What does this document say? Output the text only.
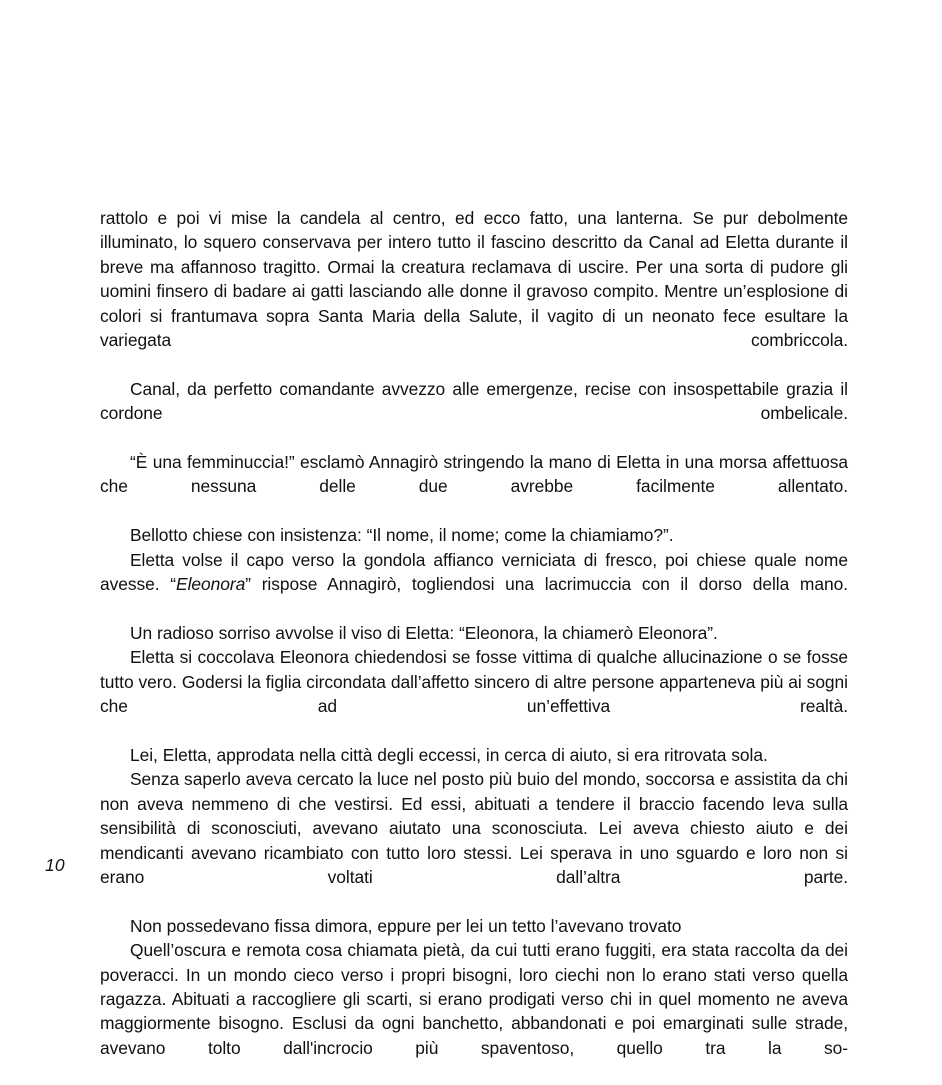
rattolo e poi vi mise la candela al centro, ed ecco fatto, una lanterna. Se pur debolmente illuminato, lo squero conservava per intero tutto il fascino descritto da Canal ad Eletta durante il breve ma affannoso tragitto. Ormai la creatura reclamava di uscire. Per una sorta di pudore gli uomini finsero di badare ai gatti lasciando alle donne il gravoso compito. Mentre un’esplosione di colori si frantumava sopra Santa Maria della Salute, il vagito di un neonato fece esultare la variegata combriccola.

Canal, da perfetto comandante avvezzo alle emergenze, recise con insospettabile grazia il cordone ombelicale.

“È una femminuccia!” esclamò Annagirò stringendo la mano di Eletta in una morsa affettuosa che nessuna delle due avrebbe facilmente allentato.

Bellotto chiese con insistenza: “Il nome, il nome; come la chiamiamo?”.

Eletta volse il capo verso la gondola affianco verniciata di fresco, poi chiese quale nome avesse. “Eleonora” rispose Annagirò, togliendosi una lacrimuccia con il dorso della mano.

Un radioso sorriso avvolse il viso di Eletta: “Eleonora, la chiamerò Eleonora”.

Eletta si coccolava Eleonora chiedendosi se fosse vittima di qualche allucinazione o se fosse tutto vero. Godersi la figlia circondata dall’affetto sincero di altre persone apparteneva più ai sogni che ad un’effettiva realtà.

Lei, Eletta, approdata nella città degli eccessi, in cerca di aiuto, si era ritrovata sola.

Senza saperlo aveva cercato la luce nel posto più buio del mondo, soccorsa e assistita da chi non aveva nemmeno di che vestirsi. Ed essi, abituati a tendere il braccio facendo leva sulla sensibilità di sconosciuti, avevano aiutato una sconosciuta. Lei aveva chiesto aiuto e dei mendicanti avevano ricambiato con tutto loro stessi. Lei sperava in uno sguardo e loro non si erano voltati dall’altra parte.

Non possedevano fissa dimora, eppure per lei un tetto l’avevano trovato

Quell’oscura e remota cosa chiamata pietà, da cui tutti erano fuggiti, era stata raccolta da dei poveracci. In un mondo cieco verso i propri bisogni, loro ciechi non lo erano stati verso quella ragazza. Abituati a raccogliere gli scarti, si erano prodigati verso chi in quel momento ne aveva maggiormente bisogno. Esclusi da ogni banchetto, abbandonati e poi emarginati sulle strade, avevano tolto dall'incrocio più spaventoso, quello tra la so-

10
